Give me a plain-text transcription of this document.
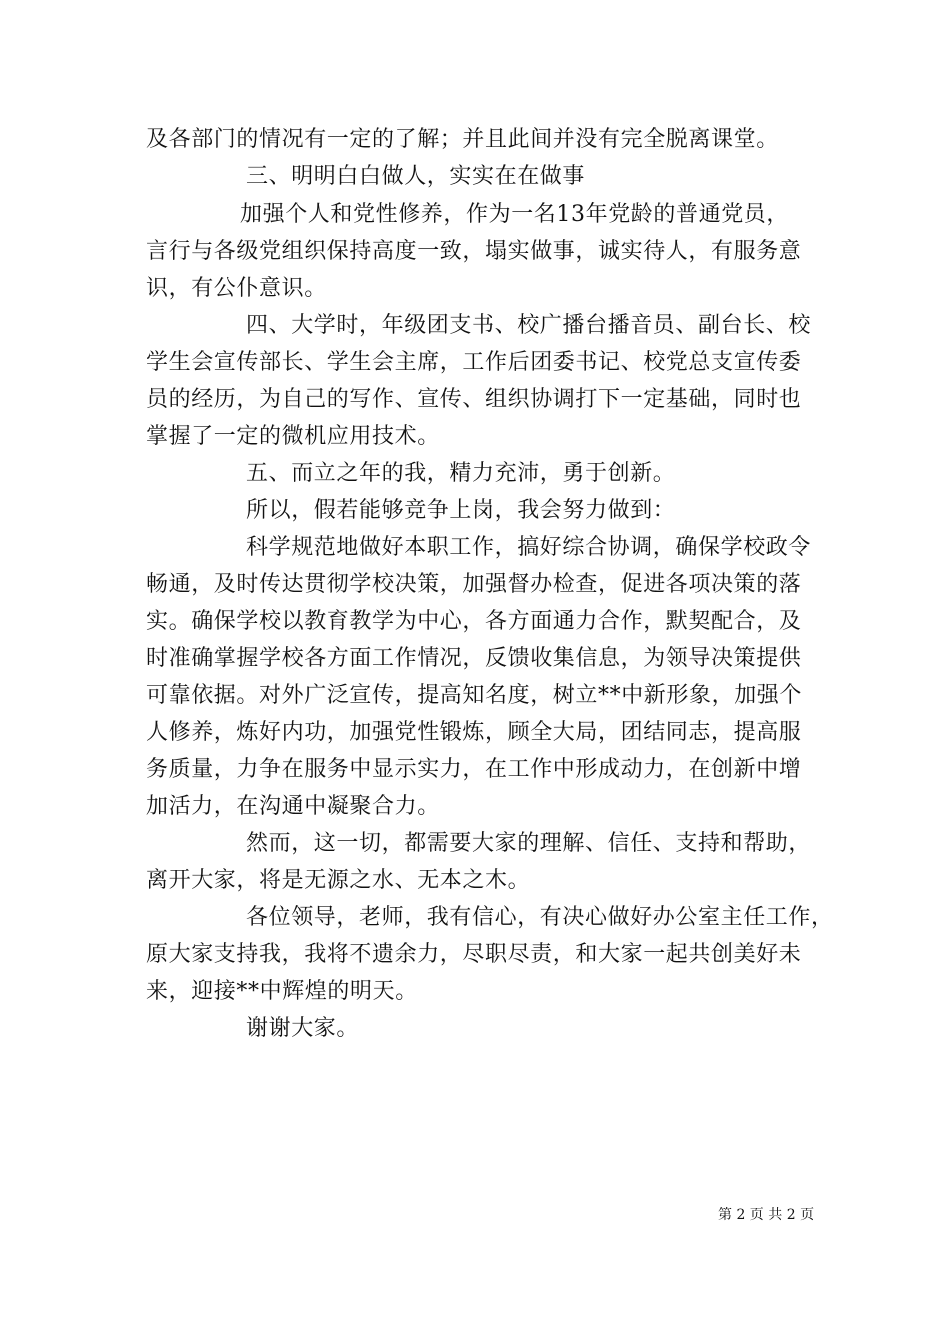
及各部门的情况有一定的了解；并且此间并没有完全脱离课堂。
三、明明白白做人，实实在在做事
加强个人和党性修养，作为一名13年党龄的普通党员，
言行与各级党组织保持高度一致，塌实做事，诚实待人，有服务意
识，有公仆意识。
四、大学时，年级团支书、校广播台播音员、副台长、校
学生会宣传部长、学生会主席，工作后团委书记、校党总支宣传委
员的经历，为自己的写作、宣传、组织协调打下一定基础，同时也
掌握了一定的微机应用技术。
五、而立之年的我，精力充沛，勇于创新。
所以，假若能够竞争上岗，我会努力做到：
科学规范地做好本职工作，搞好综合协调，确保学校政令
畅通，及时传达贯彻学校决策，加强督办检查，促进各项决策的落
实。确保学校以教育教学为中心，各方面通力合作，默契配合，及
时准确掌握学校各方面工作情况，反馈收集信息，为领导决策提供
可靠依据。对外广泛宣传，提高知名度，树立**中新形象，加强个
人修养，炼好内功，加强党性锻炼，顾全大局，团结同志，提高服
务质量，力争在服务中显示实力，在工作中形成动力，在创新中增
加活力，在沟通中凝聚合力。
然而，这一切，都需要大家的理解、信任、支持和帮助，
离开大家，将是无源之水、无本之木。
各位领导，老师，我有信心，有决心做好办公室主任工作，
原大家支持我，我将不遗余力，尽职尽责，和大家一起共创美好未
来，迎接**中辉煌的明天。
谢谢大家。
第 2 页 共 2 页
